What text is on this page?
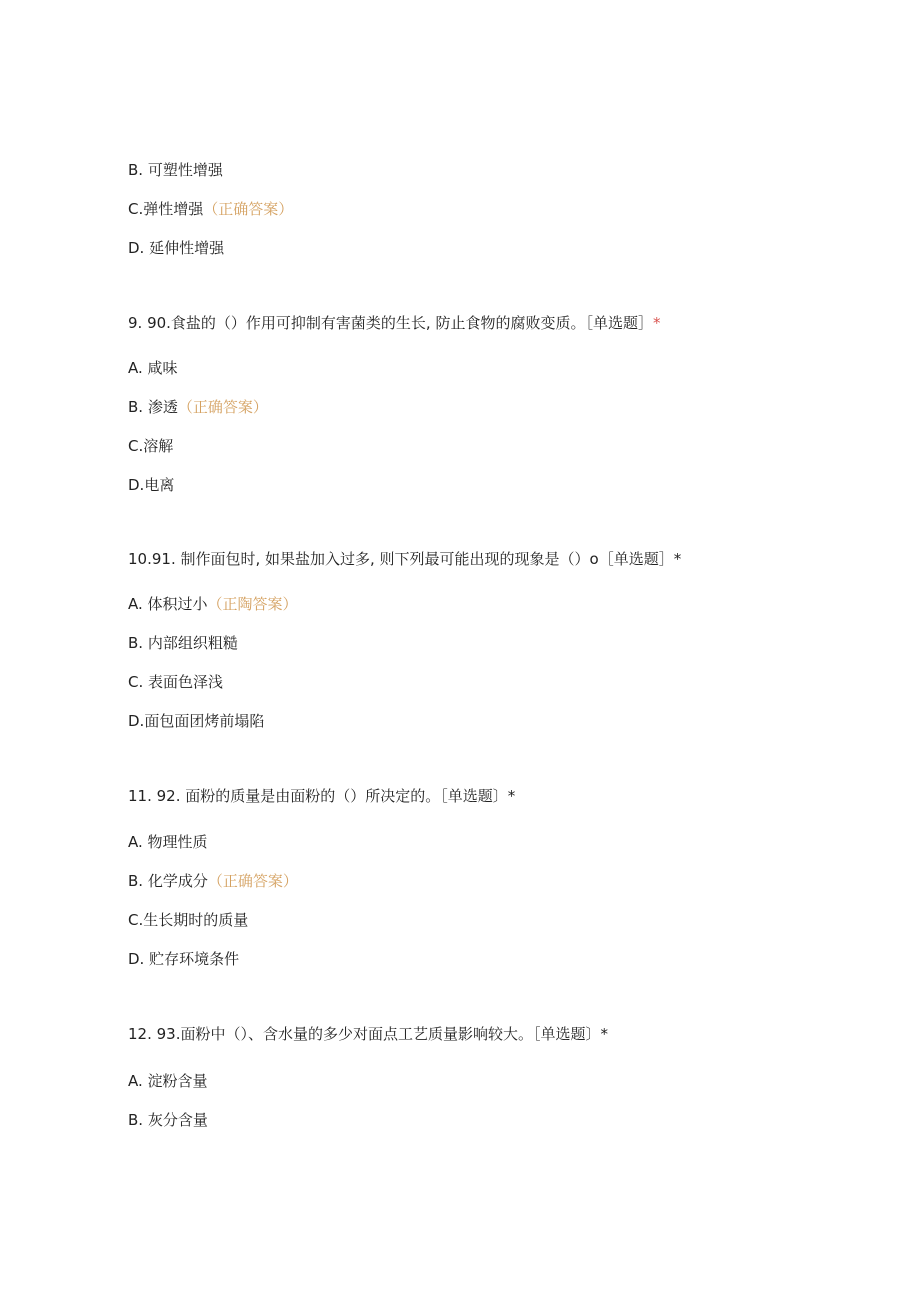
B. 可塑性增强
C.弹性增强（正确答案）
D. 延伸性增强
9. 90.食盐的（）作用可抑制有害菌类的生长, 防止食物的腐败变质。［单选题］*
A. 咸味
B. 渗透（正确答案）
C.溶解
D.电离
10.91. 制作面包时, 如果盐加入过多, 则下列最可能出现的现象是（）o［单选题］*
A. 体积过小（正陶答案）
B. 内部组织粗糙
C. 表面色泽浅
D.面包面团烤前塌陷
11. 92. 面粉的质量是由面粉的（）所决定的。［单选题〕*
A. 物理性质
B. 化学成分（正确答案）
C.生长期时的质量
D. 贮存环境条件
12. 93.面粉中（）、含水量的多少对面点工艺质量影响较大。［单选题〕*
A. 淀粉含量
B. 灰分含量
